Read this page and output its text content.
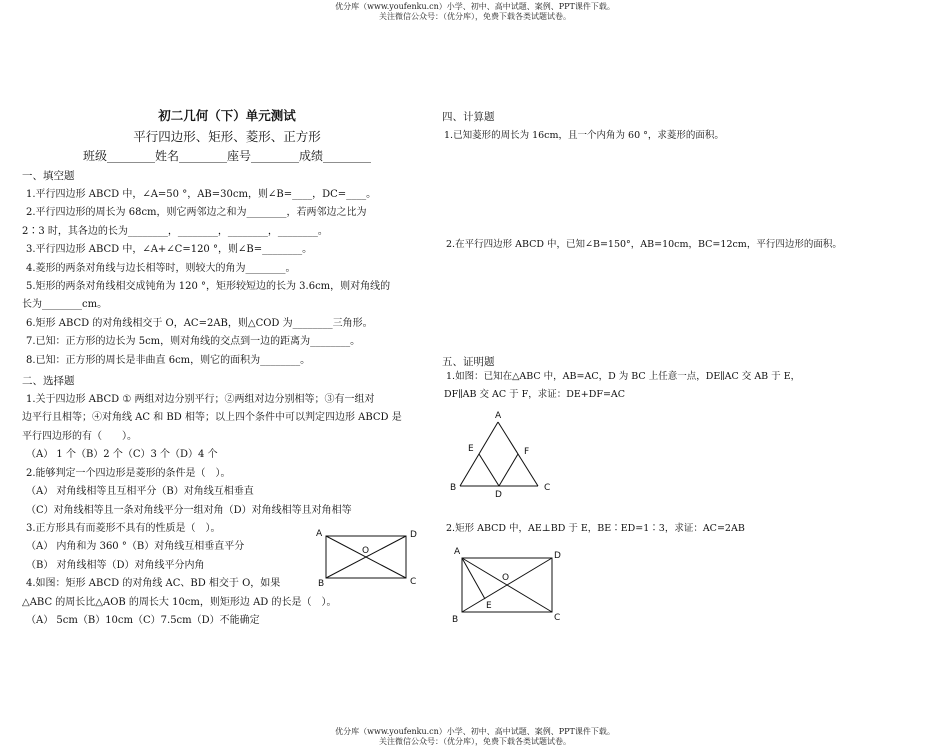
优分库（www.youfenku.cn）小学、初中、高中试题、案例、PPT课件下载。
关注微信公众号：（优分库），免费下载各类试题试卷。
初二几何（下）单元测试
平行四边形、矩形、菱形、正方形
班级________姓名________座号________成绩________
一、填空题

1.平行四边形 ABCD 中，∠A=50 °，AB=30cm，则∠B=____，DC=____。

2.平行四边形的周长为 68cm，则它两邻边之和为________，若两邻边之比为

2∶3 时，其各边的长为________，________，________，________。

3.平行四边形 ABCD 中，∠A+∠C=120 °，则∠B=________。

4.菱形的两条对角线与边长相等时，则较大的角为________。

5.矩形的两条对角线相交成钝角为 120 °，矩形较短边的长为 3.6cm，则对角线的

长为________cm。

6.矩形 ABCD 的对角线相交于 O，AC=2AB，则△COD 为________三角形。

7.已知：正方形的边长为 5cm，则对角线的交点到一边的距离为________。

8.已知：正方形的周长是非曲直 6cm，则它的面积为________。

二、选择题

1.关于四边形 ABCD ① 两组对边分别平行；②两组对边分别相等；③有一组对

边平行且相等；④对角线 AC 和 BD 相等；以上四个条件中可以判定四边形 ABCD 是

平行四边形的有（　　）。

（A） 1 个（B）2 个（C）3 个（D）4 个

2.能够判定一个四边形是菱形的条件是（　）。

（A） 对角线相等且互相平分（B）对角线互相垂直

（C）对角线相等且一条对角线平分一组对角（D）对角线相等且对角相等

3.正方形具有而菱形不具有的性质是（　）。

（A） 内角和为 360 °（B）对角线互相垂直平分

（B） 对角线相等（D）对角线平分内角

4.如图：矩形 ABCD 的对角线 AC、BD 相交于 O，如果

△ABC 的周长比△AOB 的周长大 10cm，则矩形边 AD 的长是（　）。

（A） 5cm（B）10cm（C）7.5cm（D）不能确定

A	D
O
B	C
四、计算题

1.已知菱形的周长为 16cm，且一个内角为 60 °，求菱形的面积。

2.在平行四边形 ABCD 中，已知∠B=150°，AB=10cm，BC=12cm，平行四边形的面积。

五、证明题

1.如图：已知在△ABC 中，AB=AC，D 为 BC 上任意一点，DE∥AC 交 AB 于 E，

DF∥AB 交 AC 于 F，求证：DE+DF=AC

A
E	F
B
D
C

2.矩形 ABCD 中，AE⊥BD 于 E，BE∶ED=1∶3，求证：AC=2AB

A	D
O
E
B	C
优分库（www.youfenku.cn）小学、初中、高中试题、案例、PPT课件下载。
关注微信公众号：（优分库），免费下载各类试题试卷。
